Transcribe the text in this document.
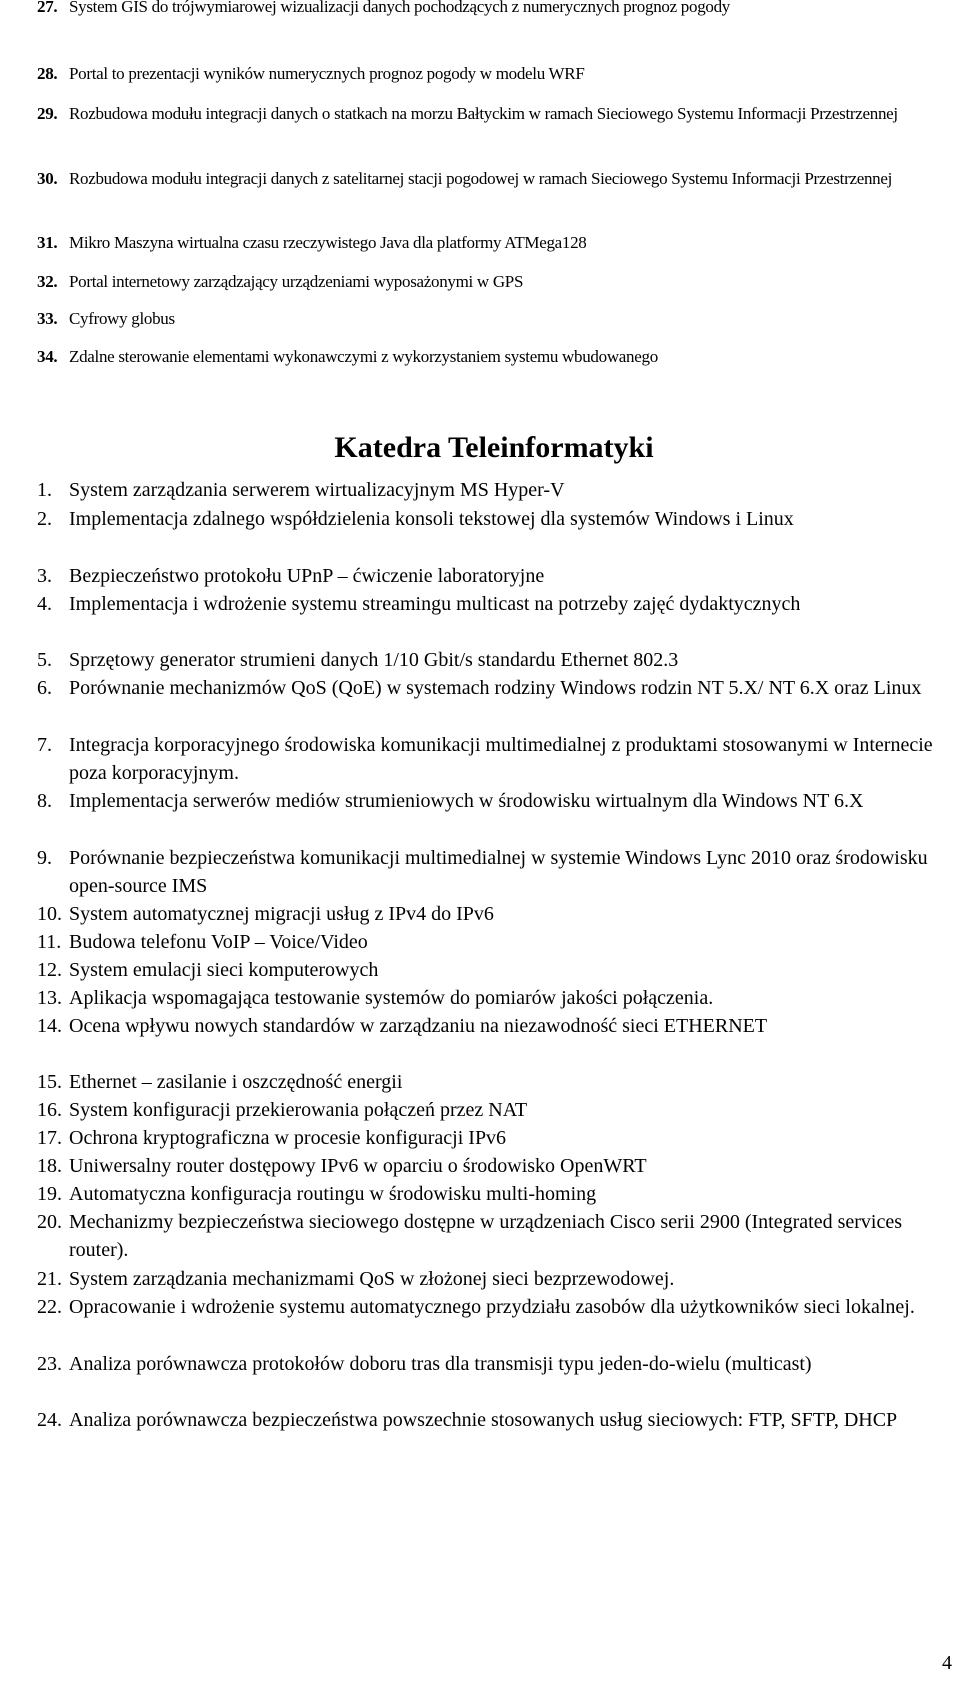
27. System GIS do trójwymiarowej wizualizacji danych pochodzących z numerycznych prognoz pogody
28. Portal to prezentacji wyników numerycznych prognoz pogody w modelu WRF
29. Rozbudowa modułu integracji danych o statkach na morzu Bałtyckim w ramach Sieciowego Systemu Informacji Przestrzennej
30. Rozbudowa modułu integracji danych z satelitarnej stacji pogodowej w ramach Sieciowego Systemu Informacji Przestrzennej
31. Mikro Maszyna wirtualna czasu rzeczywistego Java dla platformy ATMega128
32. Portal internetowy zarządzający urządzeniami wyposażonymi w GPS
33. Cyfrowy globus
34. Zdalne sterowanie elementami wykonawczymi z wykorzystaniem systemu wbudowanego
Katedra Teleinformatyki
1. System zarządzania serwerem wirtualizacyjnym MS Hyper-V
2. Implementacja zdalnego współdzielenia konsoli tekstowej dla systemów Windows i Linux
3. Bezpieczeństwo protokołu UPnP – ćwiczenie laboratoryjne
4. Implementacja i wdrożenie systemu streamingu multicast na potrzeby zajęć dydaktycznych
5. Sprzętowy generator strumieni danych 1/10 Gbit/s standardu Ethernet 802.3
6. Porównanie mechanizmów QoS (QoE) w systemach rodziny Windows rodzin NT 5.X/ NT 6.X oraz Linux
7. Integracja korporacyjnego środowiska komunikacji multimedialnej z produktami stosowanymi w Internecie poza korporacyjnym.
8. Implementacja serwerów mediów strumieniowych w środowisku wirtualnym dla Windows NT 6.X
9. Porównanie bezpieczeństwa komunikacji multimedialnej w systemie Windows Lync 2010 oraz środowisku open-source IMS
10. System automatycznej migracji usług z IPv4 do IPv6
11. Budowa telefonu VoIP – Voice/Video
12. System emulacji sieci komputerowych
13. Aplikacja wspomagająca testowanie systemów do pomiarów jakości połączenia.
14. Ocena wpływu nowych standardów w zarządzaniu na niezawodność sieci ETHERNET
15. Ethernet – zasilanie i oszczędność energii
16. System konfiguracji przekierowania połączeń przez NAT
17. Ochrona kryptograficzna w procesie konfiguracji IPv6
18. Uniwersalny router dostępowy IPv6 w oparciu o środowisko OpenWRT
19. Automatyczna konfiguracja routingu w środowisku multi-homing
20. Mechanizmy bezpieczeństwa sieciowego dostępne w urządzeniach Cisco serii 2900 (Integrated services router).
21. System zarządzania mechanizmami QoS w złożonej sieci bezprzewodowej.
22. Opracowanie i wdrożenie systemu automatycznego przydziału zasobów dla użytkowników sieci lokalnej.
23. Analiza porównawcza protokołów doboru tras dla transmisji typu jeden-do-wielu (multicast)
24. Analiza porównawcza bezpieczeństwa powszechnie stosowanych usług sieciowych: FTP, SFTP, DHCP
4
